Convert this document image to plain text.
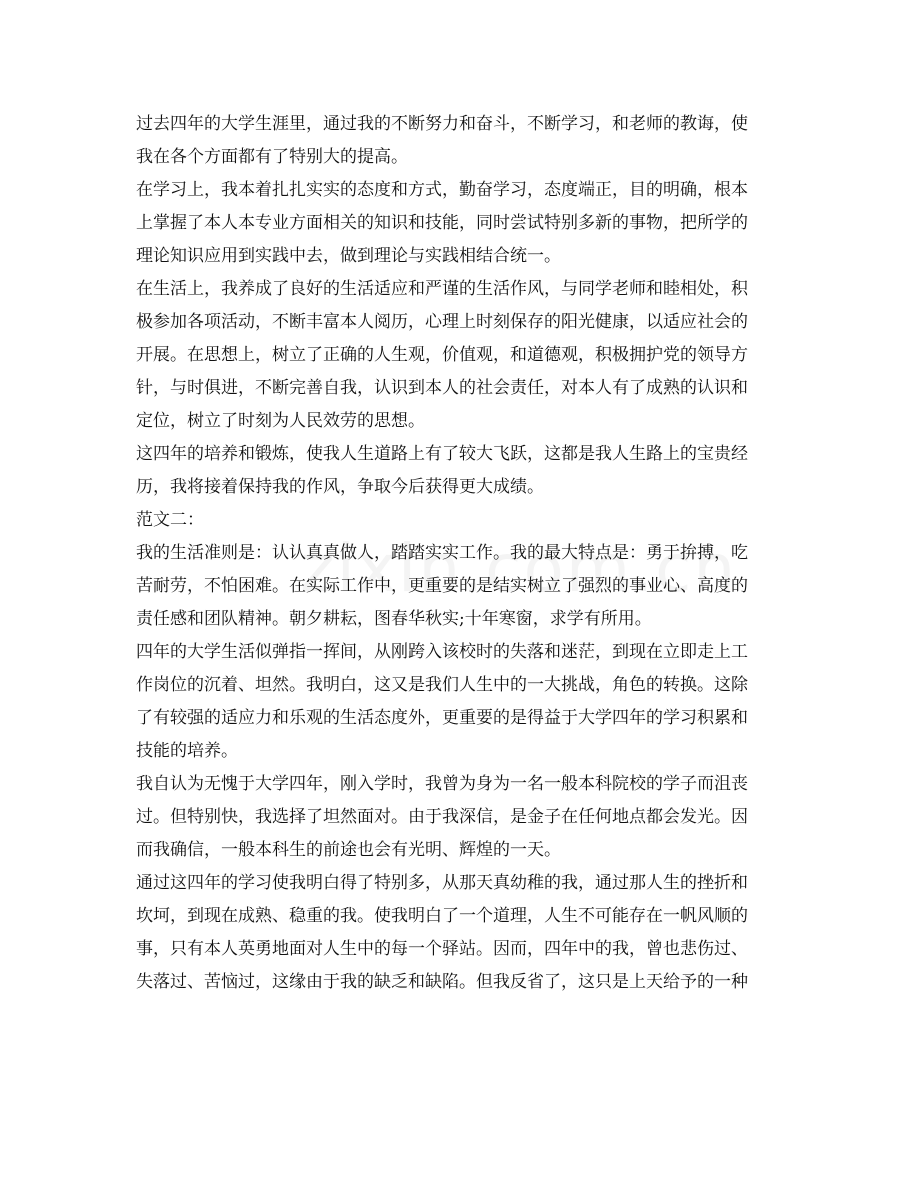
过去四年的大学生涯里，通过我的不断努力和奋斗，不断学习，和老师的教诲，使
我在各个方面都有了特别大的提高。
在学习上，我本着扎扎实实的态度和方式，勤奋学习，态度端正，目的明确，根本
上掌握了本人本专业方面相关的知识和技能，同时尝试特别多新的事物，把所学的
理论知识应用到实践中去，做到理论与实践相结合统一。
在生活上，我养成了良好的生活适应和严谨的生活作风，与同学老师和睦相处，积
极参加各项活动，不断丰富本人阅历，心理上时刻保存的阳光健康，以适应社会的
开展。在思想上，树立了正确的人生观，价值观，和道德观，积极拥护党的领导方
针，与时俱进，不断完善自我，认识到本人的社会责任，对本人有了成熟的认识和
定位，树立了时刻为人民效劳的思想。
这四年的培养和锻炼，使我人生道路上有了较大飞跃，这都是我人生路上的宝贵经
历，我将接着保持我的作风，争取今后获得更大成绩。
范文二：
我的生活准则是：认认真真做人，踏踏实实工作。我的最大特点是：勇于拚搏，吃
苦耐劳，不怕困难。在实际工作中，更重要的是结实树立了强烈的事业心、高度的
责任感和团队精神。朝夕耕耘，图春华秋实;十年寒窗，求学有所用。
四年的大学生活似弹指一挥间，从刚跨入该校时的失落和迷茫，到现在立即走上工
作岗位的沉着、坦然。我明白，这又是我们人生中的一大挑战，角色的转换。这除
了有较强的适应力和乐观的生活态度外，更重要的是得益于大学四年的学习积累和
技能的培养。
我自认为无愧于大学四年，刚入学时，我曾为身为一名一般本科院校的学子而沮丧
过。但特别快，我选择了坦然面对。由于我深信，是金子在任何地点都会发光。因
而我确信，一般本科生的前途也会有光明、辉煌的一天。
通过这四年的学习使我明白得了特别多，从那天真幼稚的我，通过那人生的挫折和
坎坷，到现在成熟、稳重的我。使我明白了一个道理，人生不可能存在一帆风顺的
事，只有本人英勇地面对人生中的每一个驿站。因而，四年中的我，曾也悲伤过、
失落过、苦恼过，这缘由于我的缺乏和缺陷。但我反省了，这只是上天给予的一种
